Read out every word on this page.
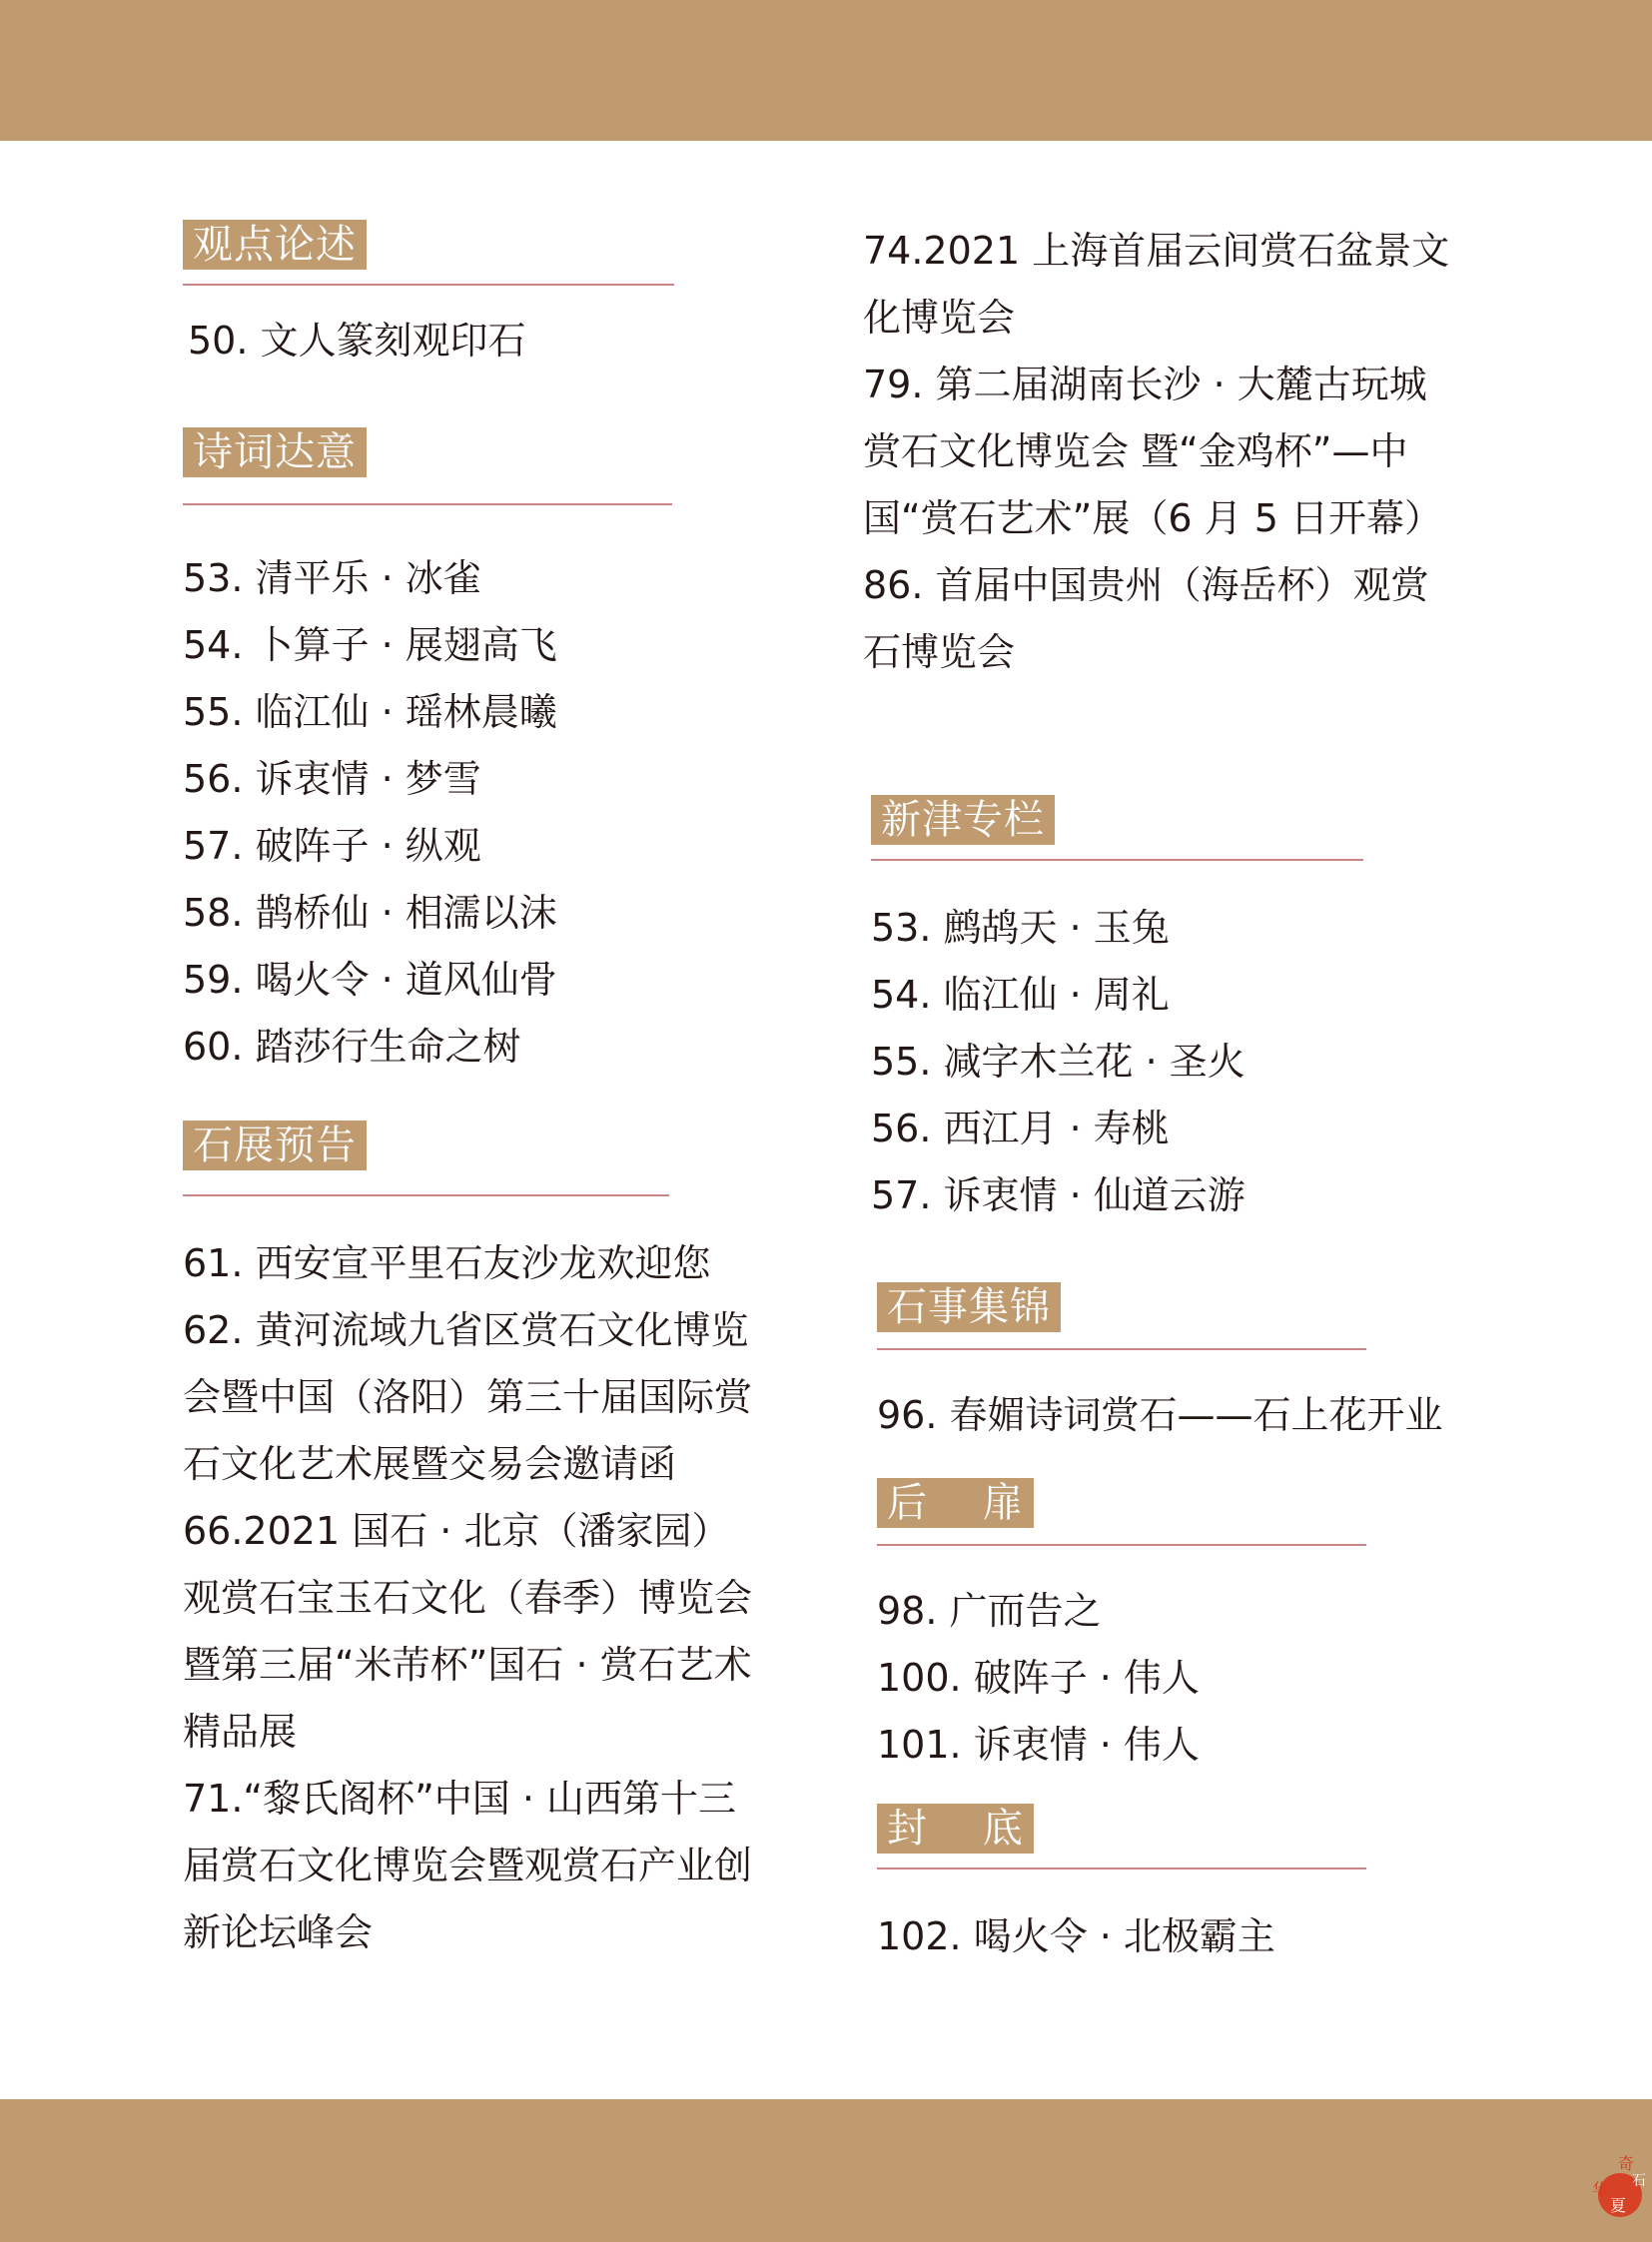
观点论述
50. 文人篆刻观印石
诗词达意
53. 清平乐 · 冰雀
54. 卜算子 · 展翅高飞
55. 临江仙 · 瑶林晨曦
56. 诉衷情 · 梦雪
57. 破阵子 · 纵观
58. 鹊桥仙 · 相濡以沫
59. 喝火令 · 道风仙骨
60. 踏莎行生命之树
石展预告
61. 西安宣平里石友沙龙欢迎您
62. 黄河流域九省区赏石文化博览会暨中国（洛阳）第三十届国际赏石文化艺术展暨交易会邀请函
66.2021 国石 · 北京（潘家园）观赏石宝玉石文化（春季）博览会暨第三届“米芾杯”国石 · 赏石艺术精品展
71.“黎氏阁杯”中国 · 山西第十三届赏石文化博览会暨观赏石产业创新论坛峰会
74.2021 上海首届云间赏石盆景文化博览会
79. 第二届湖南长沙 · 大麓古玩城赏石文化博览会 暨“金鸡杯”—中国“赏石艺术”展（6 月 5 日开幕）
86. 首届中国贵州（海岳杯）观赏石博览会
新津专栏
53. 鹧鸪天 · 玉兔
54. 临江仙 · 周礼
55. 减字木兰花 · 圣火
56. 西江月 · 寿桃
57. 诉衷情 · 仙道云游
石事集锦
96. 春媚诗词赏石——石上花开业
后    扉
98. 广而告之
100. 破阵子 · 伟人
101. 诉衷情 · 伟人
封    底
102. 喝火令 · 北极霸主
奇
石
华
夏
